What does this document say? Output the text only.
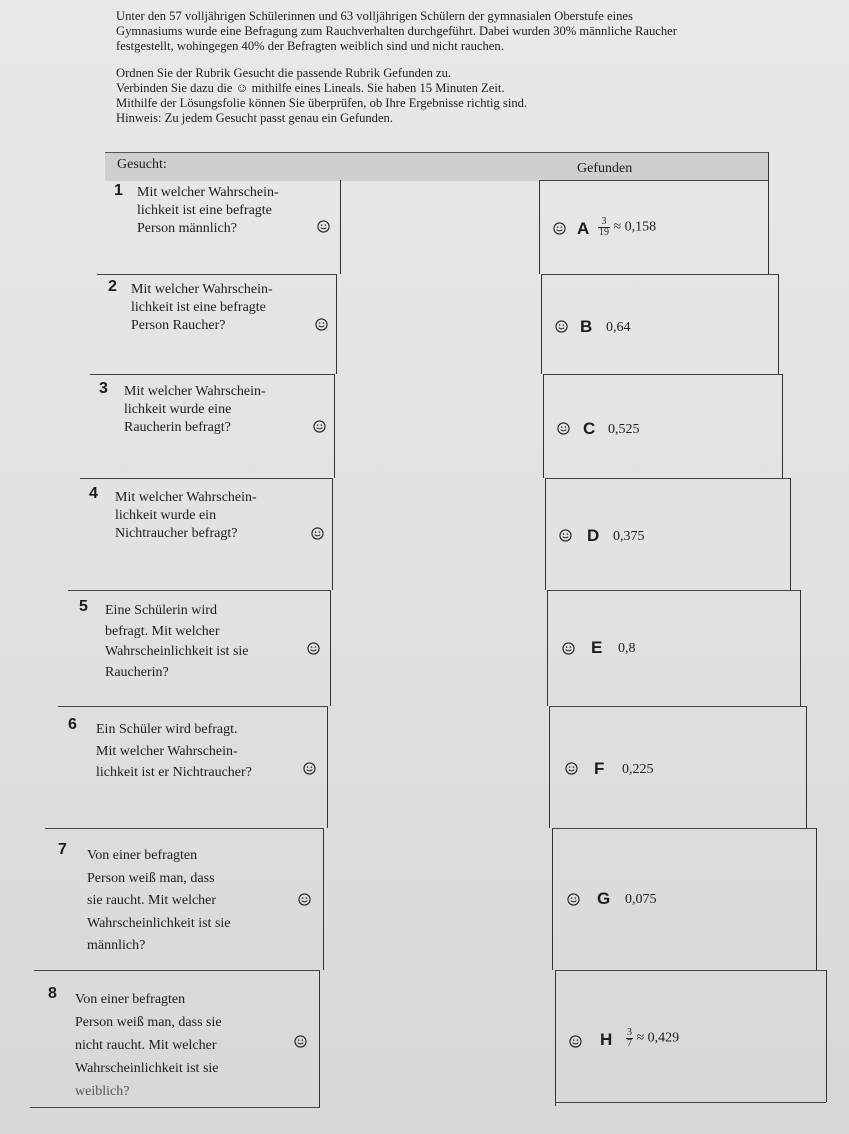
Unter den 57 volljährigen Schülerinnen und 63 volljährigen Schülern der gymnasialen Oberstufe eines

Gymnasiums wurde eine Befragung zum Rauchverhalten durchgeführt. Dabei wurden 30% männliche Raucher

festgestellt, wohingegen 40% der Befragten weiblich sind und nicht rauchen.

Ordnen Sie der Rubrik Gesucht die passende Rubrik Gefunden zu.

Verbinden Sie dazu die ☺ mithilfe eines Lineals. Sie haben 15 Minuten Zeit.

Mithilfe der Lösungsfolie können Sie überprüfen, ob Ihre Ergebnisse richtig sind.

Hinweis: Zu jedem Gesucht passt genau ein Gefunden.

Gesucht:	Gefunden
1 Mit welcher Wahrschein-
lichkeit ist eine befragte
Person männlich?
2 Mit welcher Wahrschein-
lichkeit ist eine befragte
Person Raucher?
3 Mit welcher Wahrschein-
lichkeit wurde eine
Raucherin befragt?
4 Mit welcher Wahrschein-
lichkeit wurde ein
Nichtraucher befragt?
5 Eine Schülerin wird
befragt. Mit welcher
Wahrscheinlichkeit ist sie
Raucherin?
6 Ein Schüler wird befragt.
Mit welcher Wahrschein-
lichkeit ist er Nichtraucher?
7 Von einer befragten
Person weiß man, dass
sie raucht. Mit welcher
Wahrscheinlichkeit ist sie
männlich?
8 Von einer befragten
Person weiß man, dass sie
nicht raucht. Mit welcher
Wahrscheinlichkeit ist sie
weiblich?
A $\frac{3}{19} \approx 0,158$
B 0,64
C 0,525
D 0,375
E 0,8
F 0,225
G 0,075
H $\frac{3}{7} \approx 0,429$
